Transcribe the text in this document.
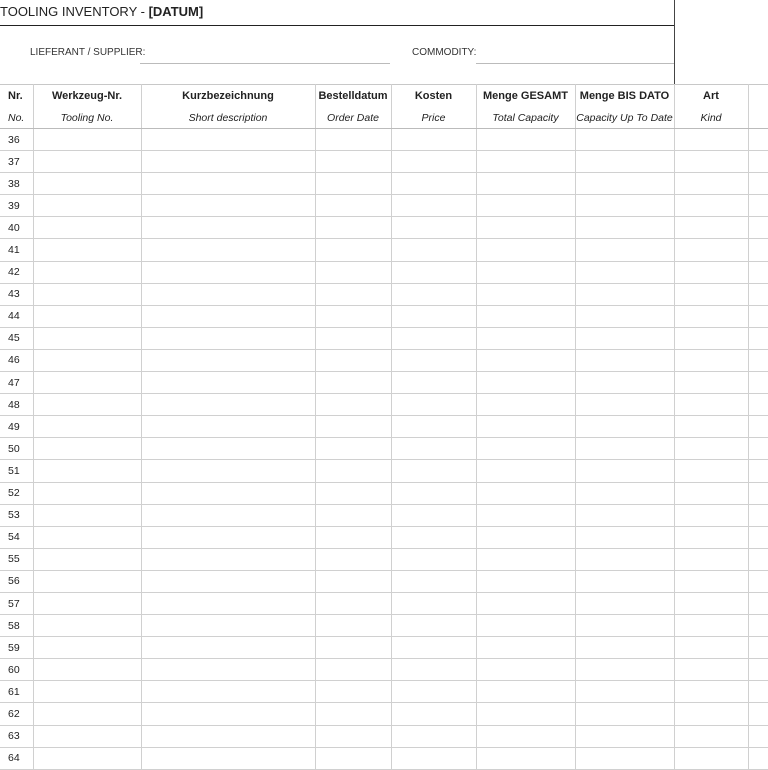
TOOLING INVENTORY - [DATUM]
LIEFERANT / SUPPLIER:	COMMODITY:
Nr.	Werkzeug-Nr.	Kurzbezeichnung	Bestelldatum	Kosten	Menge GESAMT	Menge BIS DATO	Art	
No.	Tooling No.	Short description	Order Date	Price	Total Capacity	Capacity Up To Date	Kind	
36								
37								
38								
39								
40								
41								
42								
43								
44								
45								
46								
47								
48								
49								
50								
51								
52								
53								
54								
55								
56								
57								
58								
59								
60								
61								
62								
63								
64								
